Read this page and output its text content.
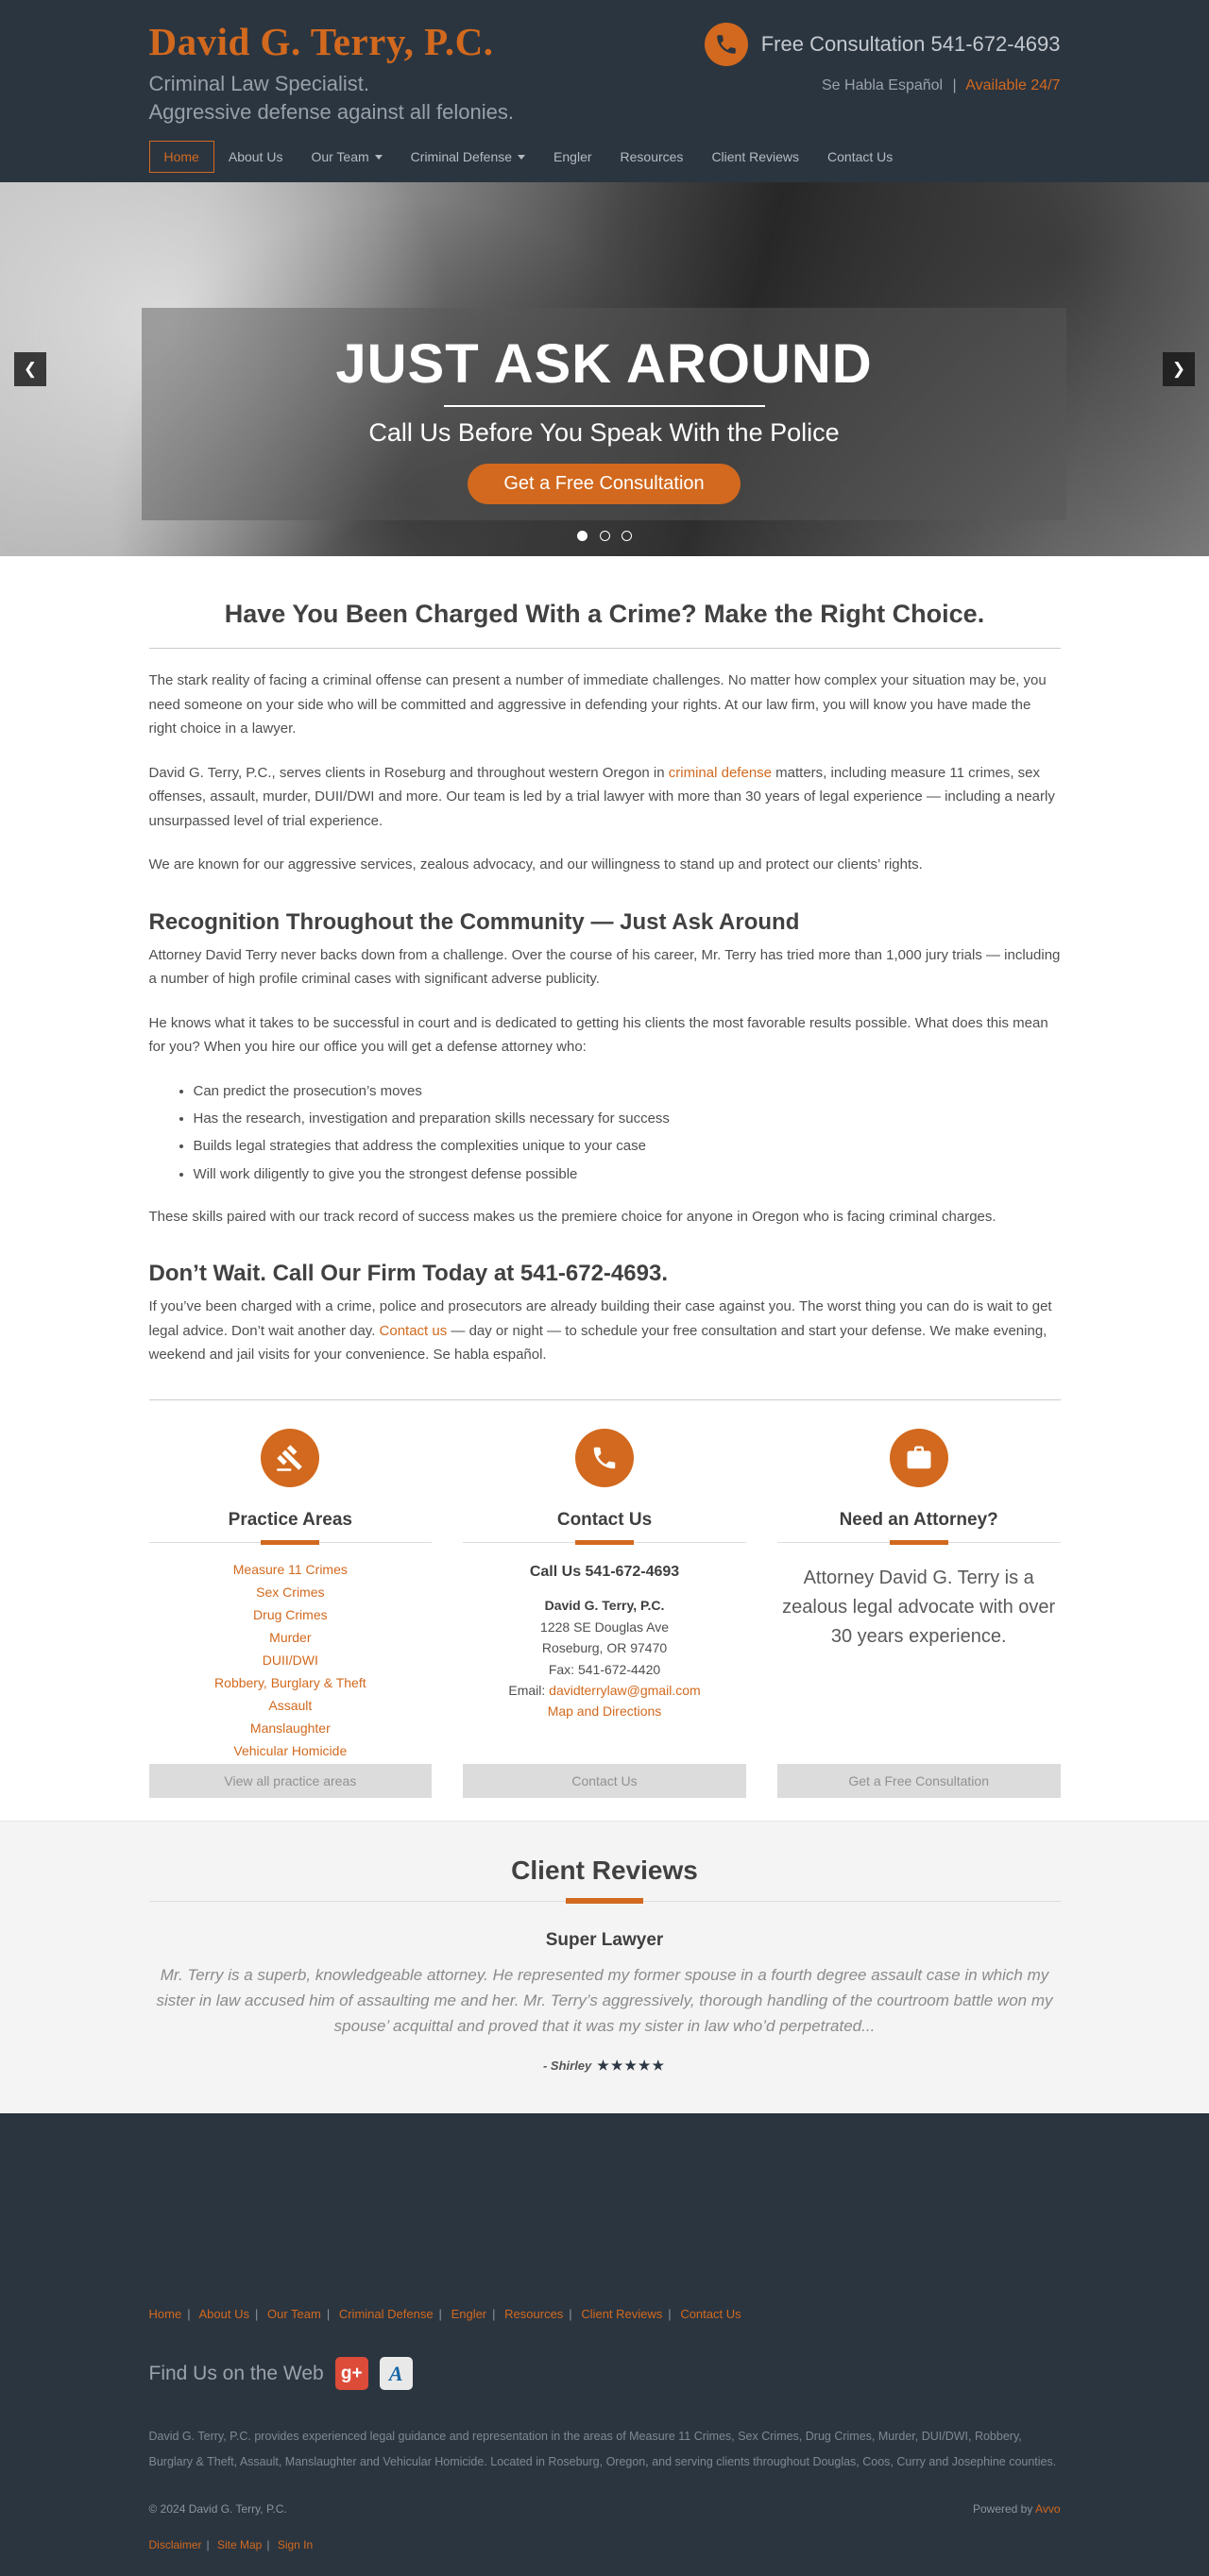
David G. Terry, P.C.
Criminal Law Specialist.
Aggressive defense against all felonies.
Free Consultation 541-672-4693
Se Habla Español | Available 24/7
Home	About Us	Our Team	Criminal Defense	Engler	Resources	Client Reviews	Contact Us
JUST ASK AROUND
Call Us Before You Speak With the Police
Get a Free Consultation
❮	❯

Have You Been Charged With a Crime? Make the Right Choice.

The stark reality of facing a criminal offense can present a number of immediate challenges. No matter how complex your situation may be, you need someone on your side who will be committed and aggressive in defending your rights. At our law firm, you will know you have made the right choice in a lawyer.

David G. Terry, P.C., serves clients in Roseburg and throughout western Oregon in criminal defense matters, including measure 11 crimes, sex offenses, assault, murder, DUII/DWI and more. Our team is led by a trial lawyer with more than 30 years of legal experience — including a nearly unsurpassed level of trial experience.

We are known for our aggressive services, zealous advocacy, and our willingness to stand up and protect our clients’ rights.

Recognition Throughout the Community — Just Ask Around

Attorney David Terry never backs down from a challenge. Over the course of his career, Mr. Terry has tried more than 1,000 jury trials — including a number of high profile criminal cases with significant adverse publicity.

He knows what it takes to be successful in court and is dedicated to getting his clients the most favorable results possible. What does this mean for you? When you hire our office you will get a defense attorney who:

• Can predict the prosecution’s moves
• Has the research, investigation and preparation skills necessary for success
• Builds legal strategies that address the complexities unique to your case
• Will work diligently to give you the strongest defense possible

These skills paired with our track record of success makes us the premiere choice for anyone in Oregon who is facing criminal charges.

Don’t Wait. Call Our Firm Today at 541-672-4693.

If you’ve been charged with a crime, police and prosecutors are already building their case against you. The worst thing you can do is wait to get legal advice. Don’t wait another day. Contact us — day or night — to schedule your free consultation and start your defense. We make evening, weekend and jail visits for your convenience. Se habla español.

Practice Areas
Measure 11 Crimes
Sex Crimes
Drug Crimes
Murder
DUII/DWI
Robbery, Burglary & Theft
Assault
Manslaughter
Vehicular Homicide
View all practice areas
Contact Us
Call Us 541-672-4693
David G. Terry, P.C.
1228 SE Douglas Ave
Roseburg, OR 97470
Fax: 541-672-4420
Email: davidterrylaw@gmail.com
Map and Directions
Contact Us
Need an Attorney?
Attorney David G. Terry is a zealous legal advocate with over 30 years experience.
Get a Free Consultation
Client Reviews
Super Lawyer
Mr. Terry is a superb, knowledgeable attorney. He represented my former spouse in a fourth degree assault case in which my sister in law accused him of assaulting me and her. Mr. Terry’s aggressively, thorough handling of the courtroom battle won my spouse’ acquittal and proved that it was my sister in law who’d perpetrated...
- Shirley ★★★★★
Home | About Us | Our Team | Criminal Defense | Engler | Resources | Client Reviews | Contact Us
Find Us on the Web g+	A

David G. Terry, P.C. provides experienced legal guidance and representation in the areas of Measure 11 Crimes, Sex Crimes, Drug Crimes, Murder, DUI/DWI, Robbery, Burglary & Theft, Assault, Manslaughter and Vehicular Homicide. Located in Roseburg, Oregon, and serving clients throughout Douglas, Coos, Curry and Josephine counties.

© 2024 David G. Terry, P.C.	Powered by Avvo
Disclaimer | Site Map | Sign In
